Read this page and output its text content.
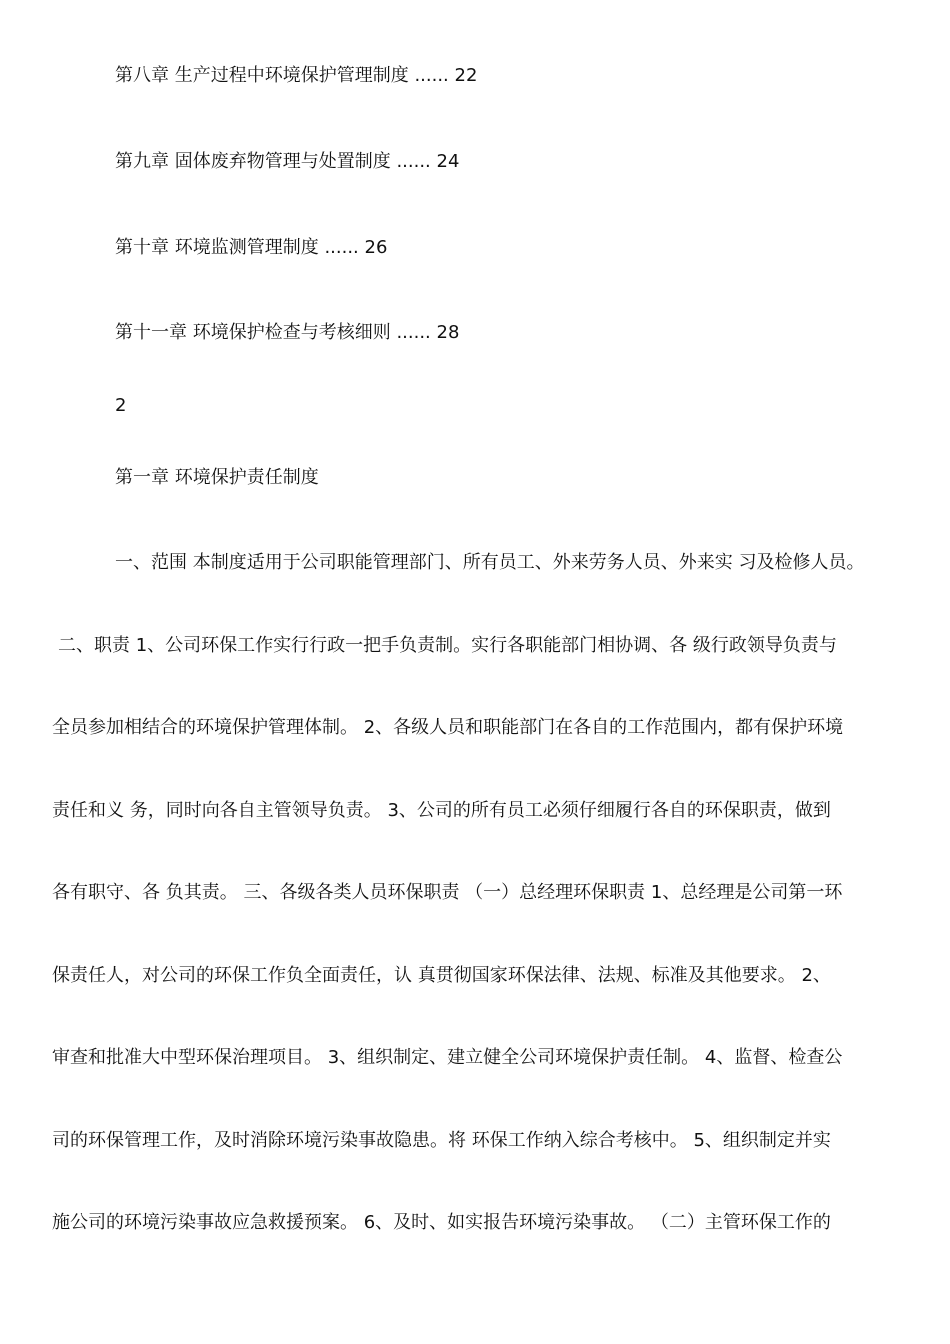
第八章 生产过程中环境保护管理制度 ...... 22

第九章 固体废弃物管理与处置制度 ...... 24

第十章 环境监测管理制度 ...... 26

第十一章 环境保护检查与考核细则 ...... 28

2

第一章 环境保护责任制度

一、范围 本制度适用于公司职能管理部门、所有员工、外来劳务人员、外来实 习及检修人员。

二、职责 1、公司环保工作实行行政一把手负责制。实行各职能部门相协调、各 级行政领导负责与

全员参加相结合的环境保护管理体制。 2、各级人员和职能部门在各自的工作范围内，都有保护环境

责任和义 务，同时向各自主管领导负责。 3、公司的所有员工必须仔细履行各自的环保职责，做到

各有职守、各 负其责。 三、各级各类人员环保职责 （一）总经理环保职责 1、总经理是公司第一环

保责任人，对公司的环保工作负全面责任，认 真贯彻国家环保法律、法规、标准及其他要求。 2、

审查和批准大中型环保治理项目。 3、组织制定、建立健全公司环境保护责任制。 4、监督、检查公

司的环保管理工作，及时消除环境污染事故隐患。将 环保工作纳入综合考核中。 5、组织制定并实

施公司的环境污染事故应急救援预案。 6、及时、如实报告环境污染事故。 （二）主管环保工作的
